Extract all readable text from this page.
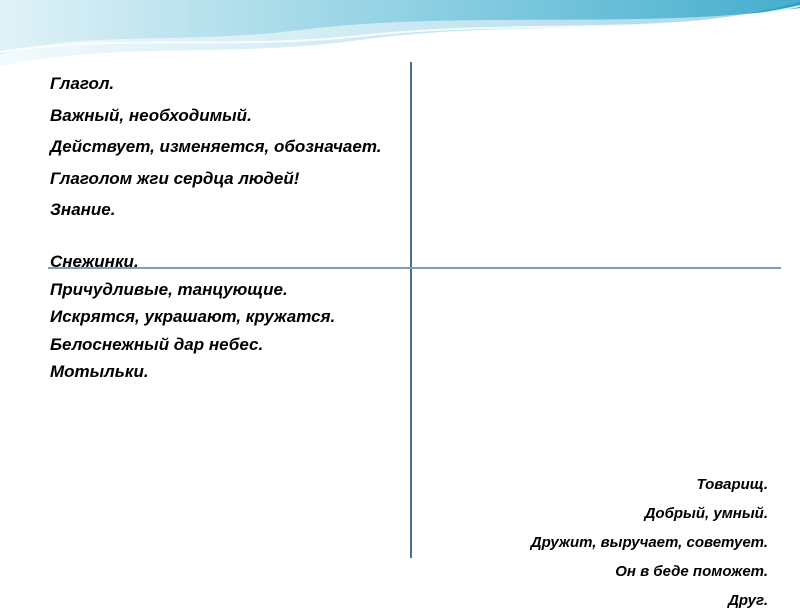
Глагол.
Важный, необходимый.
Действует, изменяется, обозначает.
Глаголом жги сердца людей!
Знание.
Снежинки.
Причудливые, танцующие.
Искрятся, украшают, кружатся.
Белоснежный дар небес.
Мотыльки.
Товарищ.
Добрый, умный.
Дружит, выручает, советует.
Он в беде поможет.
Друг.
